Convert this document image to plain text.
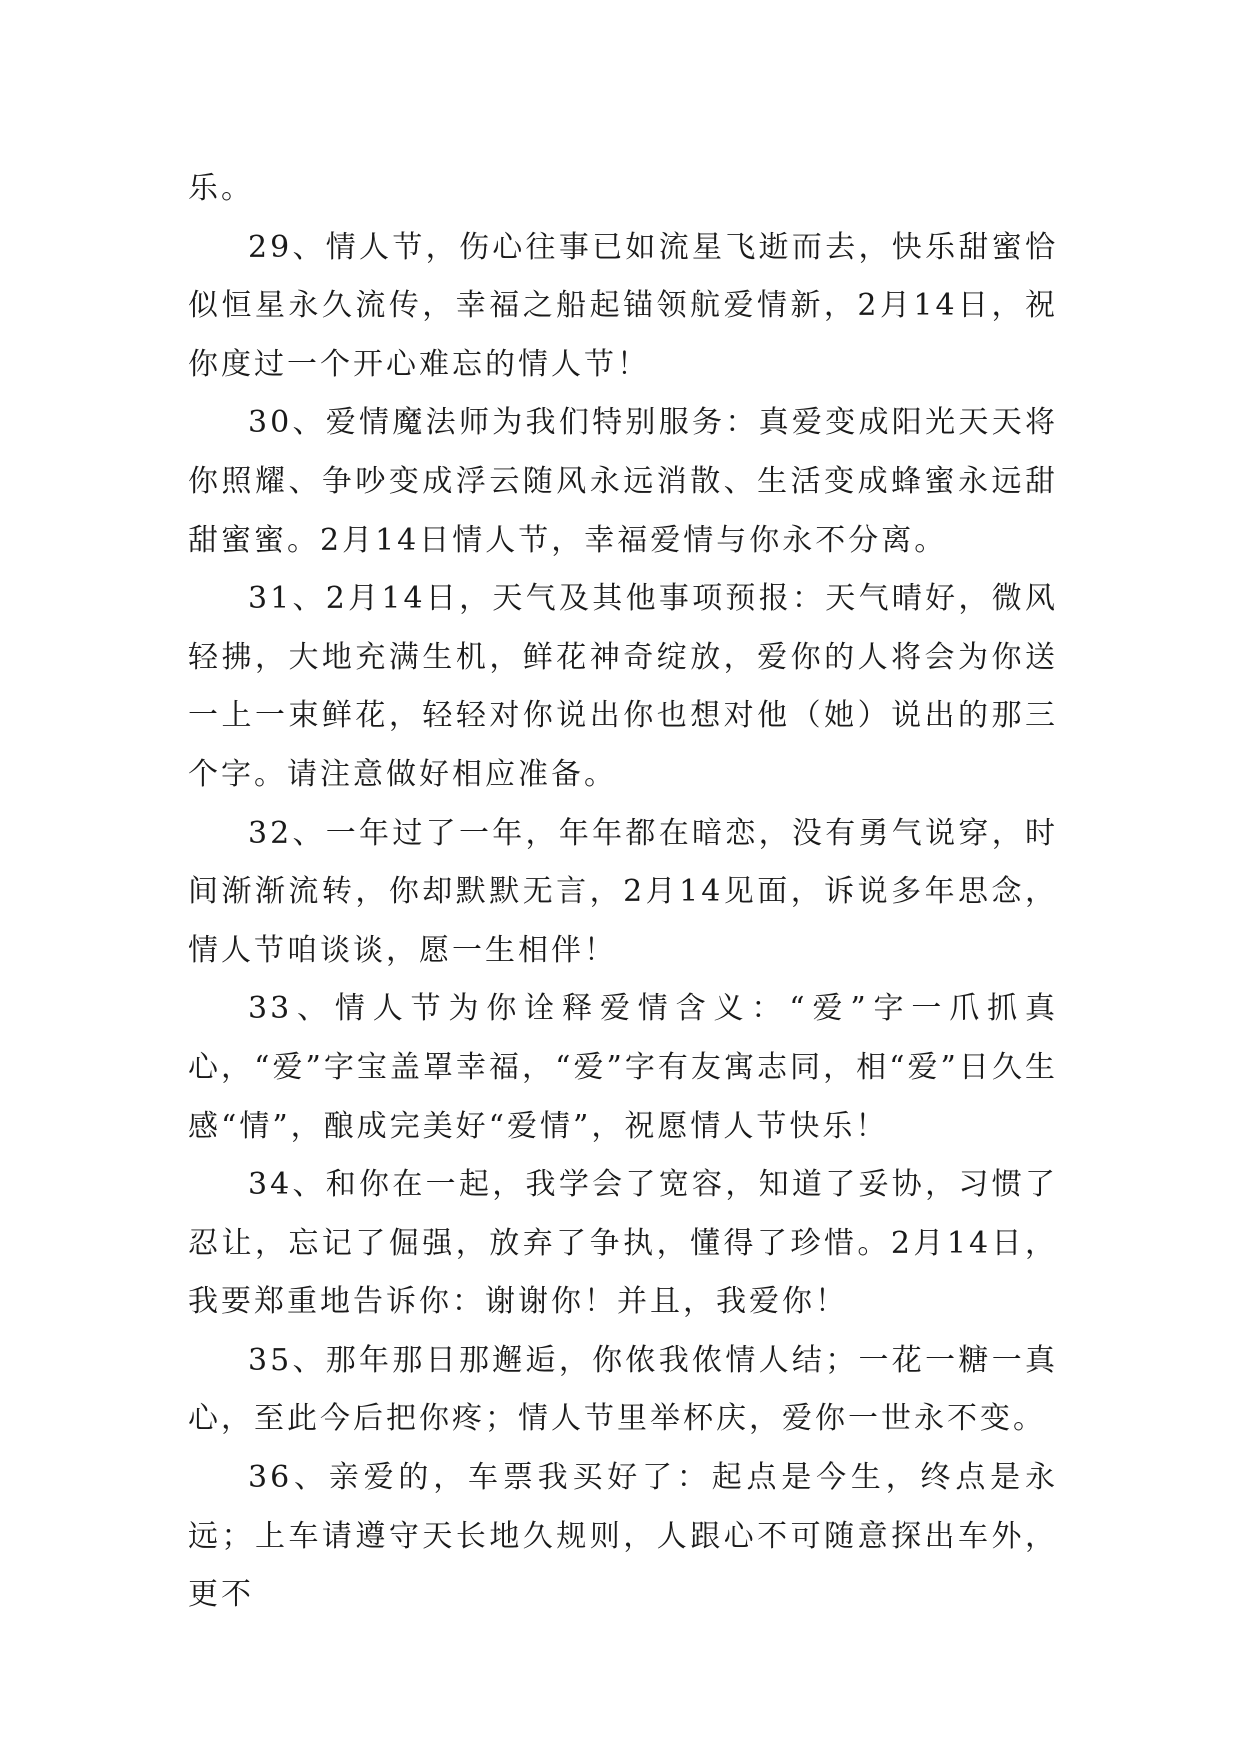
乐。

29、情人节，伤心往事已如流星飞逝而去，快乐甜蜜恰似恒星永久流传，幸福之船起锚领航爱情新，2月14日，祝你度过一个开心难忘的情人节！

30、爱情魔法师为我们特别服务：真爱变成阳光天天将你照耀、争吵变成浮云随风永远消散、生活变成蜂蜜永远甜甜蜜蜜。2月14日情人节，幸福爱情与你永不分离。

31、2月14日，天气及其他事项预报：天气晴好，微风轻拂，大地充满生机，鲜花神奇绽放，爱你的人将会为你送一上一束鲜花，轻轻对你说出你也想对他（她）说出的那三个字。请注意做好相应准备。

32、一年过了一年，年年都在暗恋，没有勇气说穿，时间渐渐流转，你却默默无言，2月14见面，诉说多年思念，情人节咱谈谈，愿一生相伴！

33、情人节为你诠释爱情含义：“爱”字一爪抓真心，“爱”字宝盖罩幸福，“爱”字有友寓志同，相“爱”日久生感“情”，酿成完美好“爱情”，祝愿情人节快乐！

34、和你在一起，我学会了宽容，知道了妥协，习惯了忍让，忘记了倔强，放弃了争执，懂得了珍惜。2月14日，我要郑重地告诉你：谢谢你！并且，我爱你！

35、那年那日那邂逅，你侬我侬情人结；一花一糖一真心，至此今后把你疼；情人节里举杯庆，爱你一世永不变。

36、亲爱的，车票我买好了：起点是今生，终点是永远；上车请遵守天长地久规则，人跟心不可随意探出车外，更不
